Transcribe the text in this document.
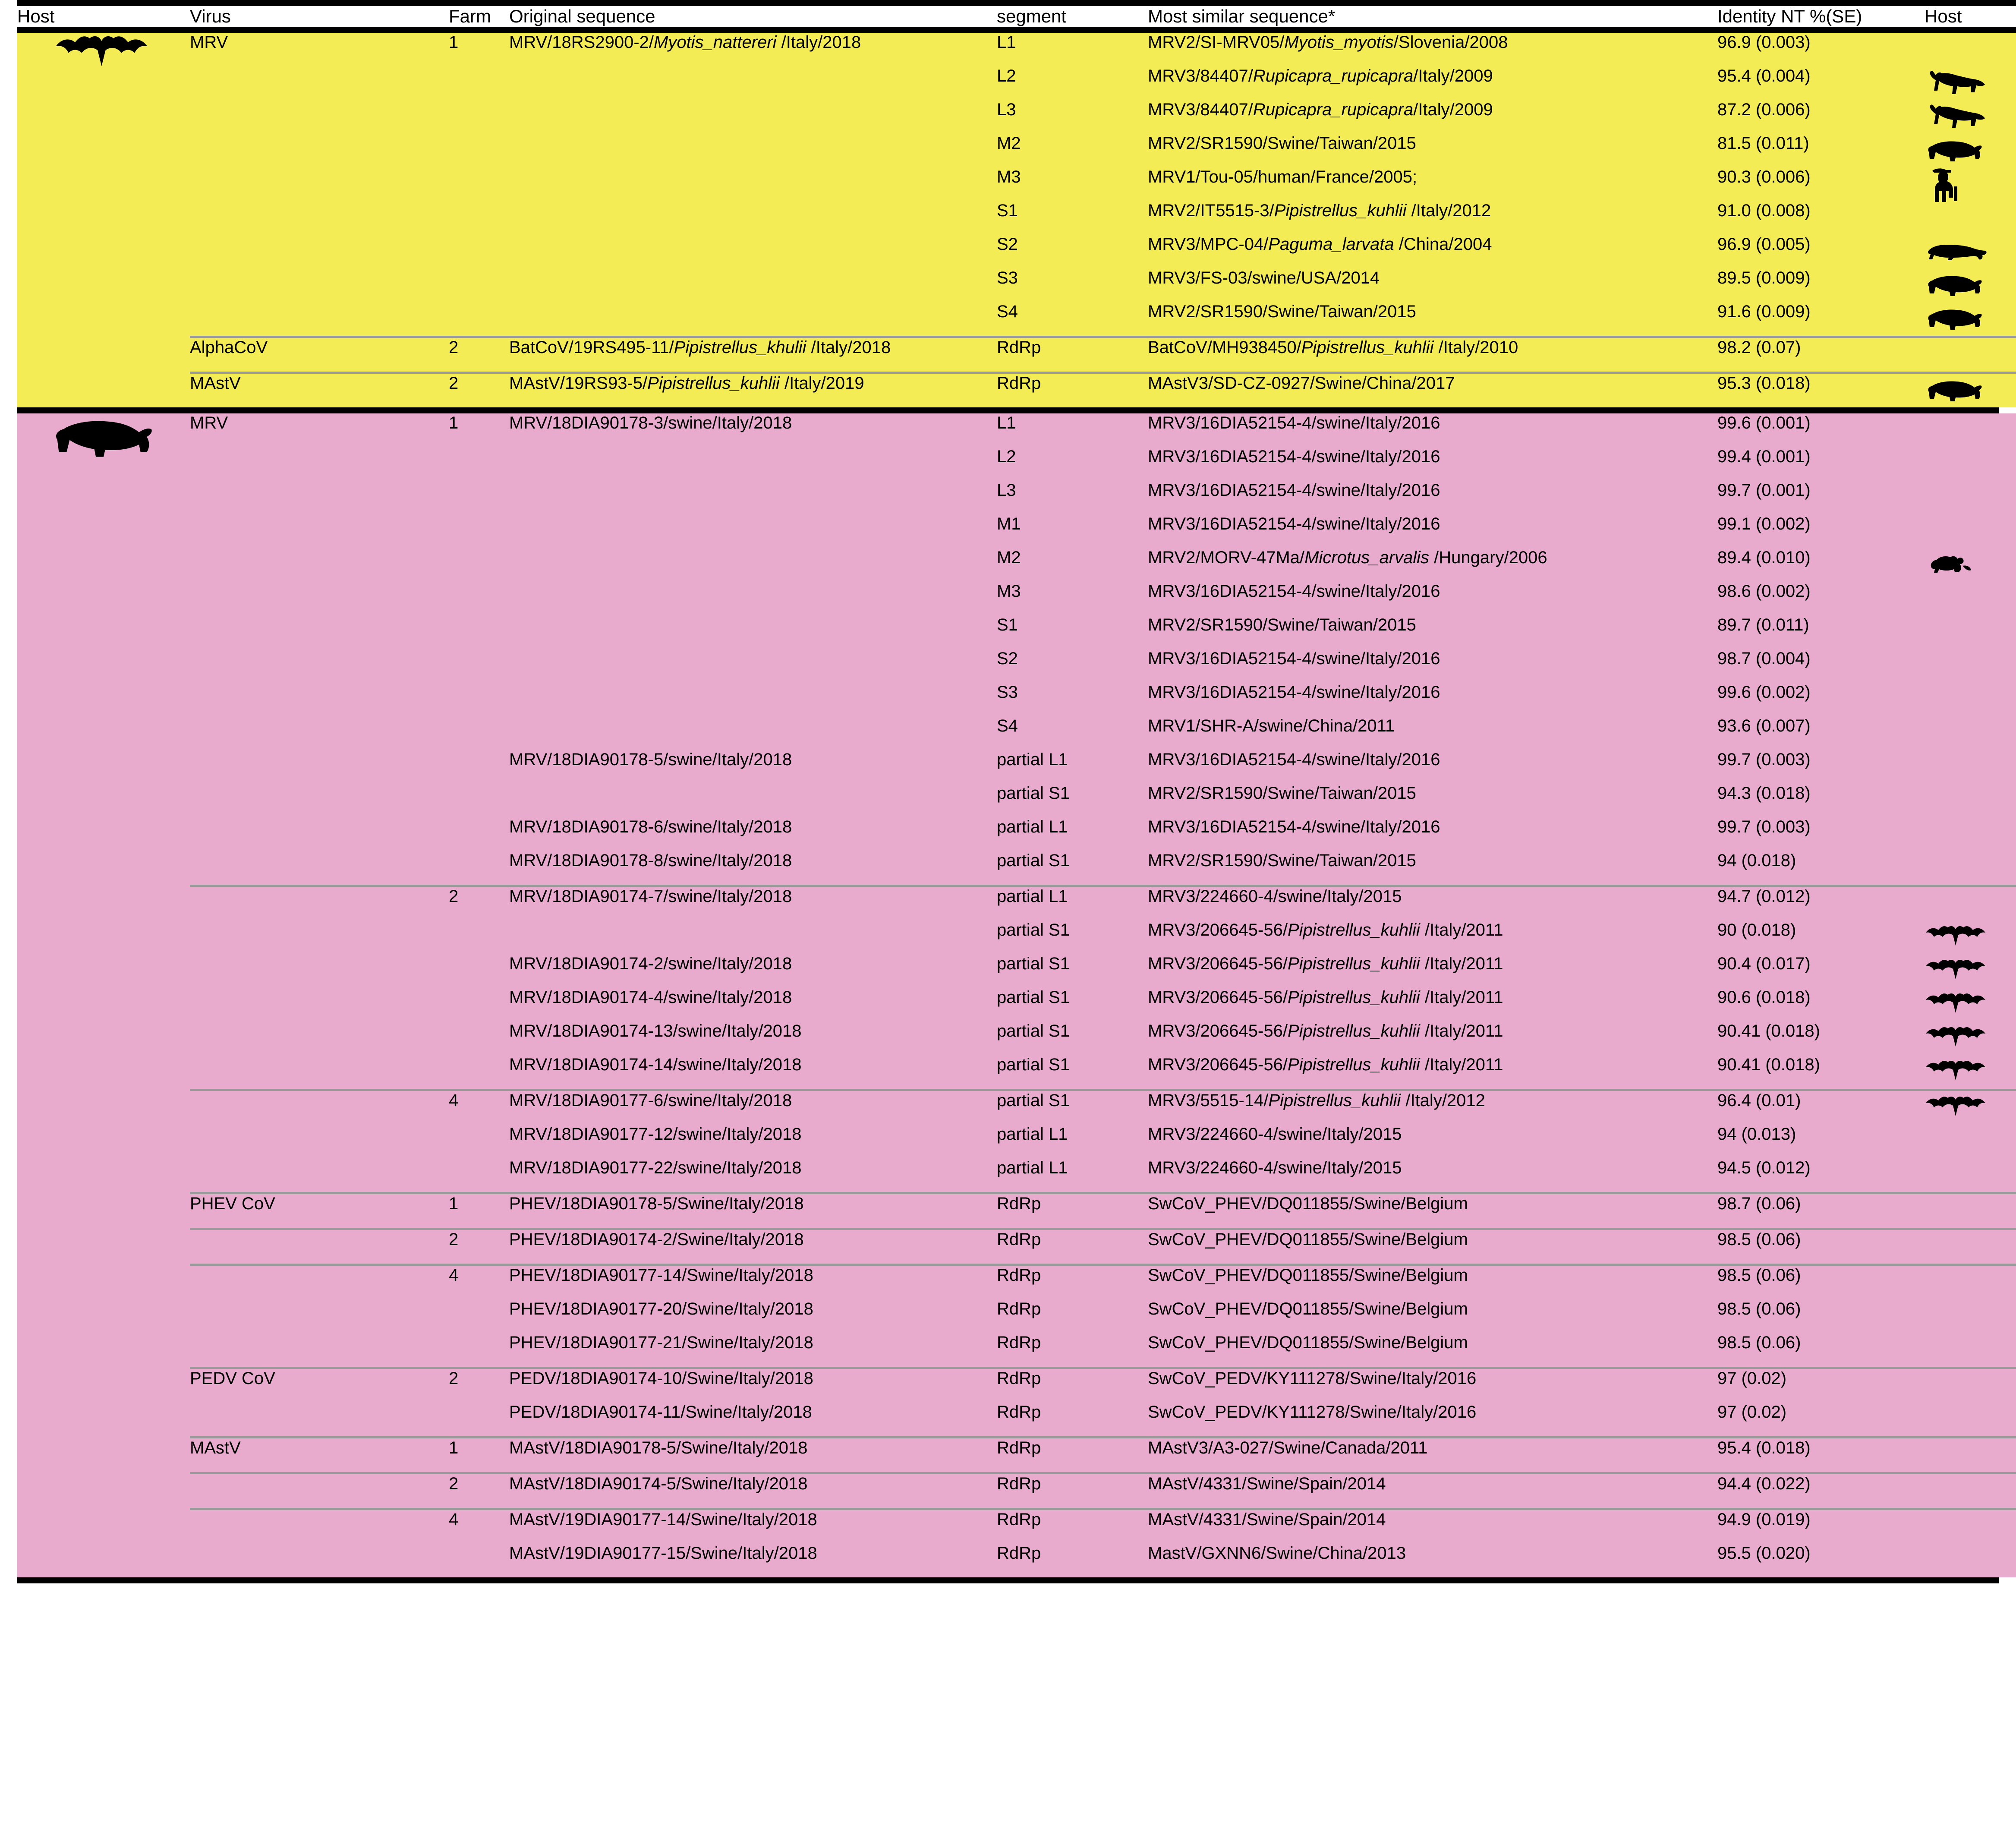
Host	Virus	Farm	Original sequence	segment	Most similar sequence*	Identity NT %(SE)	Host

	MRV	1	MRV/18RS2900-2/Myotis_nattereri /Italy/2018	L1	MRV2/SI-MRV05/Myotis_myotis/Slovenia/2008	96.9 (0.003)	

				L2	MRV3/84407/Rupicapra_rupicapra/Italy/2009	95.4 (0.004)	

				L3	MRV3/84407/Rupicapra_rupicapra/Italy/2009	87.2 (0.006)	

				M2	MRV2/SR1590/Swine/Taiwan/2015	81.5 (0.011)	

				M3	MRV1/Tou-05/human/France/2005;	90.3 (0.006)	

				S1	MRV2/IT5515-3/Pipistrellus_kuhlii /Italy/2012	91.0 (0.008)	

				S2	MRV3/MPC-04/Paguma_larvata /China/2004	96.9 (0.005)	

				S3	MRV3/FS-03/swine/USA/2014	89.5 (0.009)	

				S4	MRV2/SR1590/Swine/Taiwan/2015	91.6 (0.009)	

	AlphaCoV	2	BatCoV/19RS495-11/Pipistrellus_khulii /Italy/2018	RdRp	BatCoV/MH938450/Pipistrellus_kuhlii /Italy/2010	98.2 (0.07)	

	MAstV	2	MAstV/19RS93-5/Pipistrellus_kuhlii /Italy/2019	RdRp	MAstV3/SD-CZ-0927/Swine/China/2017	95.3 (0.018)	
	MRV	1	MRV/18DIA90178-3/swine/Italy/2018	L1	MRV3/16DIA52154-4/swine/Italy/2016	99.6 (0.001)	

				L2	MRV3/16DIA52154-4/swine/Italy/2016	99.4 (0.001)	

				L3	MRV3/16DIA52154-4/swine/Italy/2016	99.7 (0.001)	

				M1	MRV3/16DIA52154-4/swine/Italy/2016	99.1 (0.002)	

				M2	MRV2/MORV-47Ma/Microtus_arvalis /Hungary/2006	89.4 (0.010)	

				M3	MRV3/16DIA52154-4/swine/Italy/2016	98.6 (0.002)	

				S1	MRV2/SR1590/Swine/Taiwan/2015	89.7 (0.011)	

				S2	MRV3/16DIA52154-4/swine/Italy/2016	98.7 (0.004)	

				S3	MRV3/16DIA52154-4/swine/Italy/2016	99.6 (0.002)	

				S4	MRV1/SHR-A/swine/China/2011	93.6 (0.007)	

			MRV/18DIA90178-5/swine/Italy/2018	partial L1	MRV3/16DIA52154-4/swine/Italy/2016	99.7 (0.003)	

				partial S1	MRV2/SR1590/Swine/Taiwan/2015	94.3 (0.018)	

			MRV/18DIA90178-6/swine/Italy/2018	partial L1	MRV3/16DIA52154-4/swine/Italy/2016	99.7 (0.003)	

			MRV/18DIA90178-8/swine/Italy/2018	partial S1	MRV2/SR1590/Swine/Taiwan/2015	94 (0.018)	

		2	MRV/18DIA90174-7/swine/Italy/2018	partial L1	MRV3/224660-4/swine/Italy/2015	94.7 (0.012)	

				partial S1	MRV3/206645-56/Pipistrellus_kuhlii /Italy/2011	90 (0.018)	

			MRV/18DIA90174-2/swine/Italy/2018	partial S1	MRV3/206645-56/Pipistrellus_kuhlii /Italy/2011	90.4 (0.017)	

			MRV/18DIA90174-4/swine/Italy/2018	partial S1	MRV3/206645-56/Pipistrellus_kuhlii /Italy/2011	90.6 (0.018)	

			MRV/18DIA90174-13/swine/Italy/2018	partial S1	MRV3/206645-56/Pipistrellus_kuhlii /Italy/2011	90.41 (0.018)	

			MRV/18DIA90174-14/swine/Italy/2018	partial S1	MRV3/206645-56/Pipistrellus_kuhlii /Italy/2011	90.41 (0.018)	

		4	MRV/18DIA90177-6/swine/Italy/2018	partial S1	MRV3/5515-14/Pipistrellus_kuhlii /Italy/2012	96.4 (0.01)	

			MRV/18DIA90177-12/swine/Italy/2018	partial L1	MRV3/224660-4/swine/Italy/2015	94 (0.013)	

			MRV/18DIA90177-22/swine/Italy/2018	partial L1	MRV3/224660-4/swine/Italy/2015	94.5 (0.012)	

	PHEV CoV	1	PHEV/18DIA90178-5/Swine/Italy/2018	RdRp	SwCoV_PHEV/DQ011855/Swine/Belgium	98.7 (0.06)	

		2	PHEV/18DIA90174-2/Swine/Italy/2018	RdRp	SwCoV_PHEV/DQ011855/Swine/Belgium	98.5 (0.06)	

		4	PHEV/18DIA90177-14/Swine/Italy/2018	RdRp	SwCoV_PHEV/DQ011855/Swine/Belgium	98.5 (0.06)	

			PHEV/18DIA90177-20/Swine/Italy/2018	RdRp	SwCoV_PHEV/DQ011855/Swine/Belgium	98.5 (0.06)	

			PHEV/18DIA90177-21/Swine/Italy/2018	RdRp	SwCoV_PHEV/DQ011855/Swine/Belgium	98.5 (0.06)	

	PEDV CoV	2	PEDV/18DIA90174-10/Swine/Italy/2018	RdRp	SwCoV_PEDV/KY111278/Swine/Italy/2016	97 (0.02)	

			PEDV/18DIA90174-11/Swine/Italy/2018	RdRp	SwCoV_PEDV/KY111278/Swine/Italy/2016	97 (0.02)	

	MAstV	1	MAstV/18DIA90178-5/Swine/Italy/2018	RdRp	MAstV3/A3-027/Swine/Canada/2011	95.4 (0.018)	

		2	MAstV/18DIA90174-5/Swine/Italy/2018	RdRp	MAstV/4331/Swine/Spain/2014	94.4 (0.022)	

		4	MAstV/19DIA90177-14/Swine/Italy/2018	RdRp	MAstV/4331/Swine/Spain/2014	94.9 (0.019)	

			MAstV/19DIA90177-15/Swine/Italy/2018	RdRp	MastV/GXNN6/Swine/China/2013	95.5 (0.020)	
